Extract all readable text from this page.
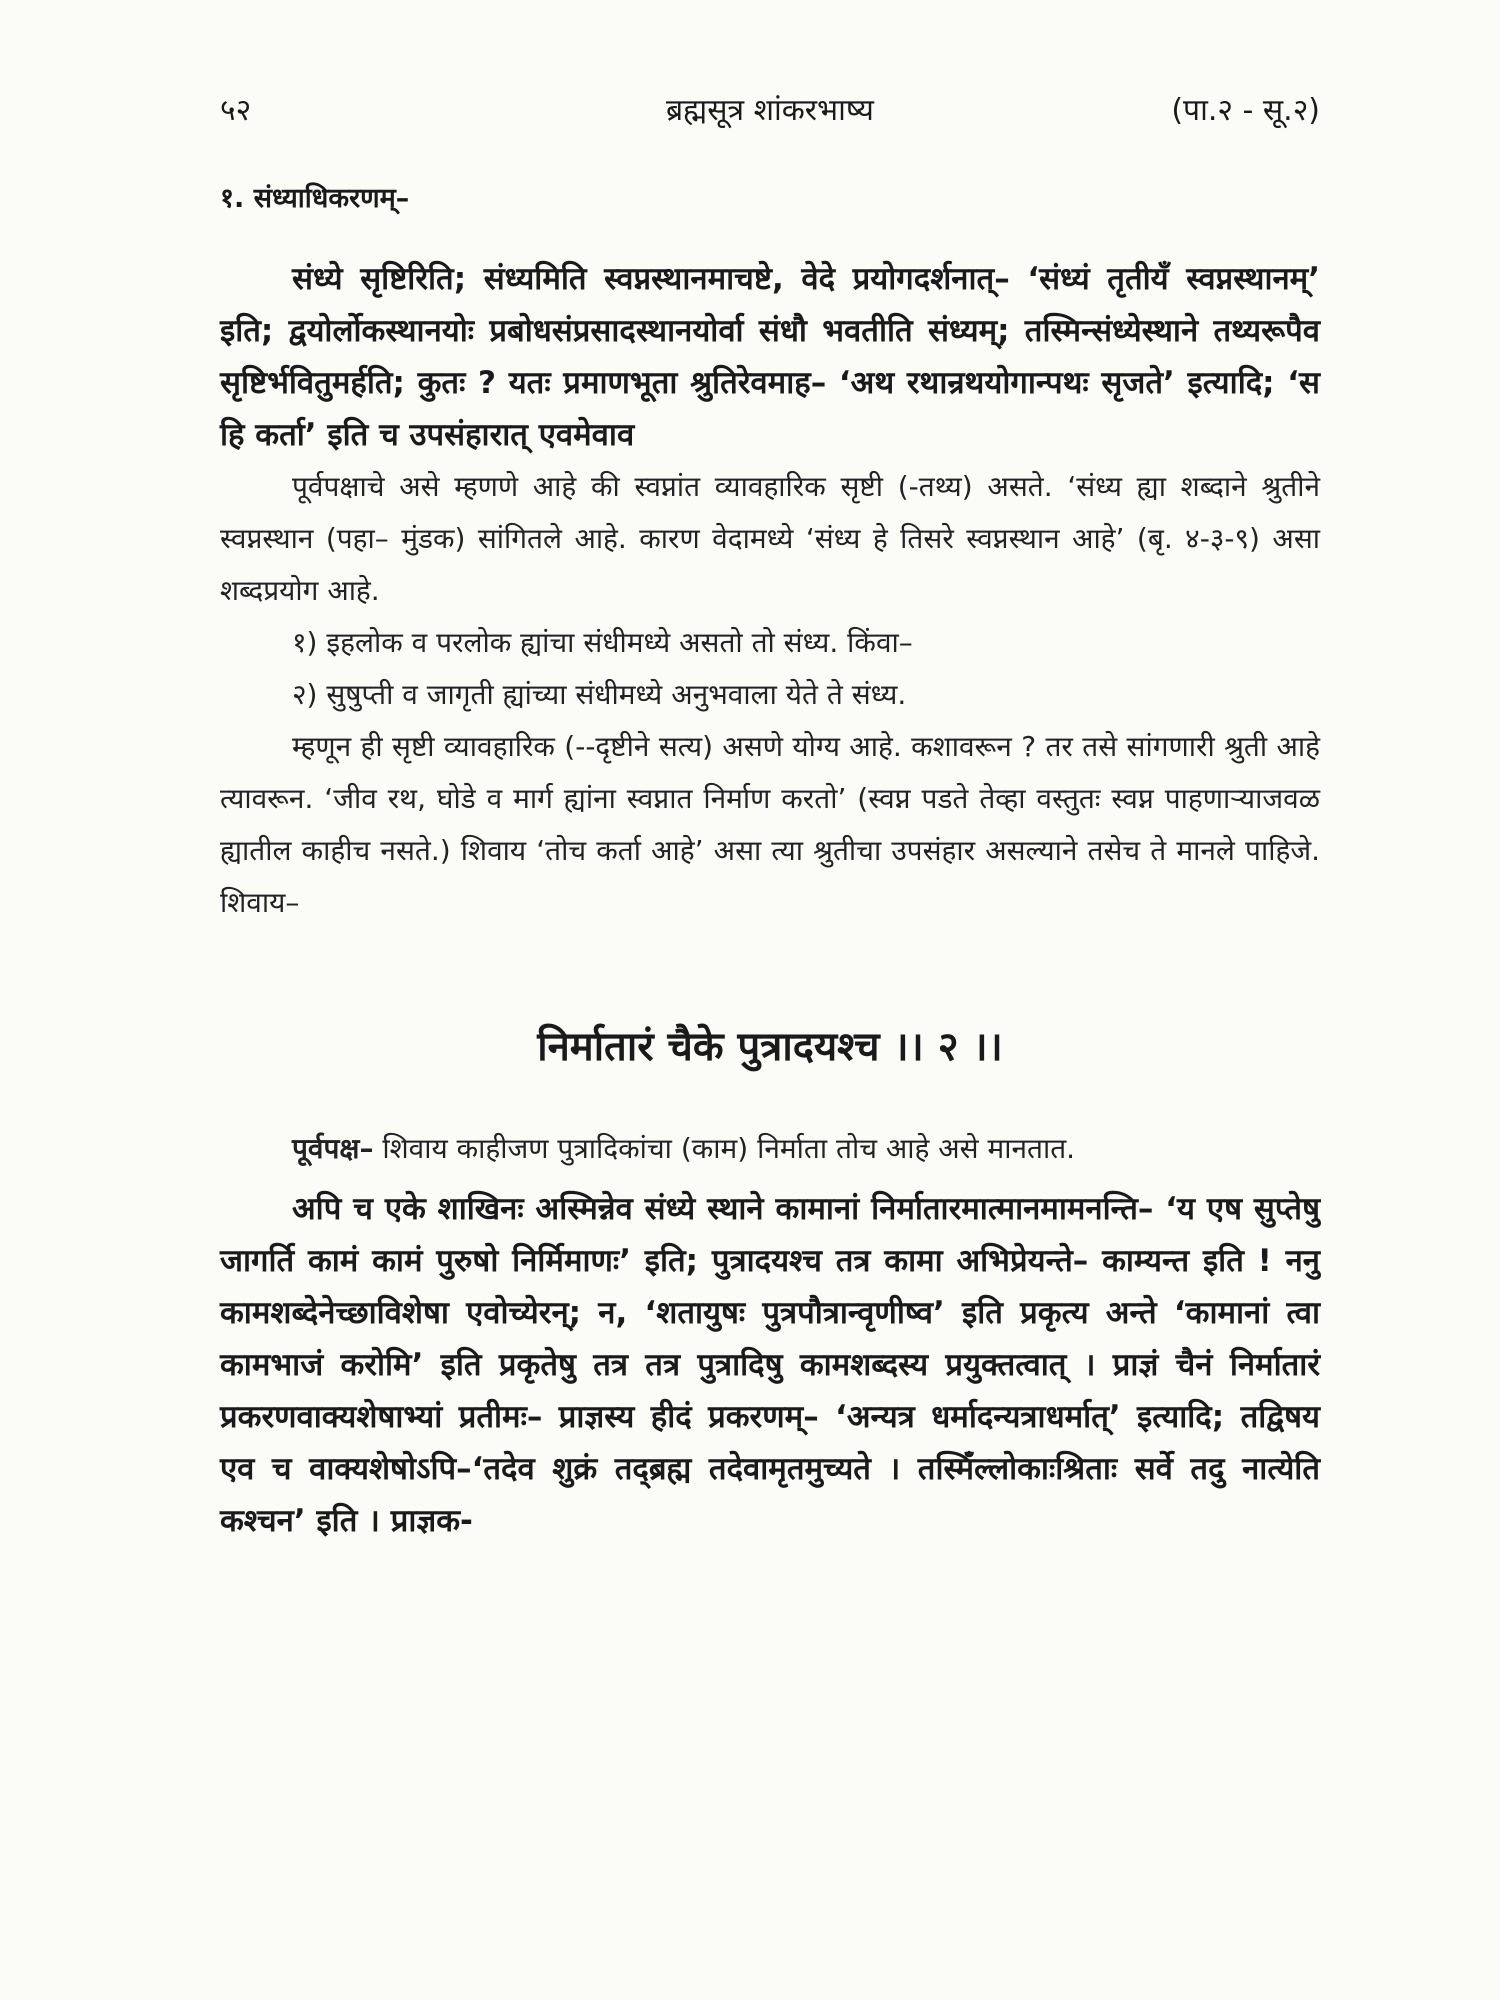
५२	ब्रह्मसूत्र शांकरभाष्य	(पा.२ - सू.२)
१. संध्याधिकरणम्–

संध्ये सृष्टिरिति; संध्यमिति स्वप्नस्थानमाचष्टे, वेदे प्रयोगदर्शनात्– ‘संध्यं तृतीयँ स्वप्नस्थानम्’ इति; द्वयोर्लोकस्थानयोः प्रबोधसंप्रसादस्थानयोर्वा संधौ भवतीति संध्यम्; तस्मिन्संध्येस्थाने तथ्यरूपैव सृष्टिर्भवितुमर्हति; कुतः ? यतः प्रमाणभूता श्रुतिरेवमाह– ‘अथ रथान्रथयोगान्पथः सृजते’ इत्यादि; ‘स हि कर्ता’ इति च उपसंहारात् एवमेवाव

पूर्वपक्षाचे असे म्हणणे आहे की स्वप्नांत व्यावहारिक सृष्टी (-तथ्य) असते. ‘संध्य ह्या शब्दाने श्रुतीने स्वप्नस्थान (पहा– मुंडक) सांगितले आहे. कारण वेदामध्ये ‘संध्य हे तिसरे स्वप्नस्थान आहे’ (बृ. ४-३-९) असा शब्दप्रयोग आहे.

१) इहलोक व परलोक ह्यांचा संधीमध्ये असतो तो संध्य. किंवा–

२) सुषुप्ती व जागृती ह्यांच्या संधीमध्ये अनुभवाला येते ते संध्य.

म्हणून ही सृष्टी व्यावहारिक (--दृष्टीने सत्य) असणे योग्य आहे. कशावरून ? तर तसे सांगणारी श्रुती आहे त्यावरून. ‘जीव रथ, घोडे व मार्ग ह्यांना स्वप्नात निर्माण करतो’ (स्वप्न पडते तेव्हा वस्तुतः स्वप्न पाहणाऱ्याजवळ ह्यातील काहीच नसते.) शिवाय ‘तोच कर्ता आहे’ असा त्या श्रुतीचा उपसंहार असल्याने तसेच ते मानले पाहिजे. शिवाय–

निर्मातारं चैके पुत्रादयश्च ।। २ ।।

पूर्वपक्ष– शिवाय काहीजण पुत्रादिकांचा (काम) निर्माता तोच आहे असे मानतात.

अपि च एके शाखिनः अस्मिन्नेव संध्ये स्थाने कामानां निर्मातारमात्मानमामनन्ति– ‘य एष सुप्तेषु जागर्ति कामं कामं पुरुषो निर्मिमाणः’ इति; पुत्रादयश्च तत्र कामा अभिप्रेयन्ते– काम्यन्त इति ! ननु कामशब्देनेच्छाविशेषा एवोच्येरन्; न, ‘शतायुषः पुत्रपौत्रान्वृणीष्व’ इति प्रकृत्य अन्ते ‘कामानां त्वा कामभाजं करोमि’ इति प्रकृतेषु तत्र तत्र पुत्रादिषु कामशब्दस्य प्रयुक्तत्वात् । प्राज्ञं चैनं निर्मातारं प्रकरणवाक्यशेषाभ्यां प्रतीमः– प्राज्ञस्य हीदं प्रकरणम्– ‘अन्यत्र धर्मादन्यत्राधर्मात्’ इत्यादि; तद्विषय एव च वाक्यशेषोऽपि–‘तदेव शुक्रं तद्ब्रह्म तदेवामृतमुच्यते । तस्मिँल्लोकाःश्रिताः सर्वे तदु नात्येति कश्चन’ इति । प्राज्ञक-
